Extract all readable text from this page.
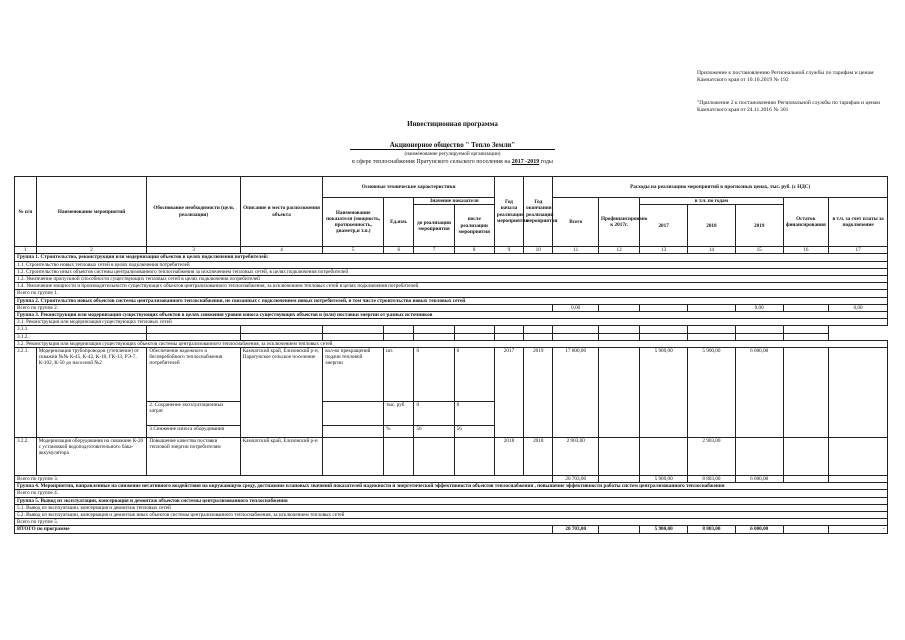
Приложение к постановлению Региональной службы по тарифам и ценам Камчатского края от 10.10.2019 № 192

"Приложение 2 к постановлению Региональной службы по тарифам и ценам Камчатского края от 24.11.2016 № 301

Инвестиционная программа
Акционерное общество " Тепло Земли"
(наименование регулируемой организации)
в сфере теплоснабжения Пратунского сельского поселения на 2017 -2019 годы
№ п/п	Наименование мероприятий	Обоснование необходимости (цель реализации)	Описание и место расположения объекта	Основные технические характеристики				Год начала реализации мероприятия	Год окончания реализации мероприятия	Расходы на реализацию мероприятий в прогнозных ценах, тыс. руб. (с НДС)						
				Наименование показателя (мощность, протяженность, диаметр,и т.п.)	Ед.изм.	Значение показателя				Всего	Профинансировано к 2017г.	в т.ч. по годам			Остаток финансирования	в т.ч. за счет платы за подключение
						до реализации мероприятия	после реализации мероприятия					2017	2018	2019		
1	2	3	4	5	6	7	8	9	10	11	12	13	14	15	16	17
Группа 1. Строительство, реконструкция или модернизация объектов в целях подключения потребителей:																
1.1. Строительство новых тепловых сетей в целях подключения потребителей																
1.2. Строительство иных объектов системы централизованного теплоснабжения за исключением тепловых сетей, в целях подключения потребителей																
1.3. Увеличение пропускной способности существующих тепловых сетей в целях подключения потребителей																
1.4. Увеличение мощности и производительности существующих объектов централизованного теплоснабжения, за исключением тепловых сетей в целях подключения потребителей																
Всего по группе 1.																
Группа 2. Строительство новых объектов системы централизованного теплоснабжения, не связанных с подключением новых потребителей, в том числе строительство новых тепловых сетей																
Всего по группе 2.										0,00				0,00		0,00
Группа 3. Реконструкция или модернизация существующих объектов в целях снижения уровня износа существующих объектов и (или) поставки энергии от разных источников																
3.1. Реконструкция или модернизация существующих тепловых сетей																
3.1.1.																
3.1.2.																
3.2. Реконструкция или модернизация существующих объектов системы централизованного теплоснабжения, за исключением тепловых сетей																
3.2.1.	Модернизация трубопроводов (утепление) от скважин №№ К-45, К-42, К-18, ГК-13, РЭ-7, К-102, К-50 до насосной №2	Обеспечение надежного и бесперебойного теплоснабжения потребителей	Камчатский край, Елизовский р-н, Паратунское сельское поселение	кол-во прекращений подачи тепловой энергии	шт.	0	0	2017	2019	17 800,00		5 900,00	5 900,00	6 000,00		
		2. Сохранение эксплуатационных затрат			тыс. руб	0	0									
		3.Снижение износа оборудования			%	56	56									
3.2.2.	Модернизация оборудования на скважине К-20 с установкой водоподготовительного бака-аккумулятора	Повышение качества поставки тепловой энергии потребителям	Камчатский край, Елизовский р-н					2018	2018	2 903,00			2 903,00			
Всего по группе 3.										20 703,00		5 900,00	8 803,00	6 000,00		
Группа 4. Мероприятия, направленные на снижение негативного воздействия на окружающую среду, достижение плановых значений показателей надежности и энергетической эффективности объектов теплоснабжения , повышение эффективности работы систем централизованного теплоснабжения																
Всего по группе 4.																
Группа 5. Вывод из эксплуатации, консервация и демонтаж объектов системы централизованного теплоснабжения																
5.1. Вывод из эксплуатации, консервация и демонтаж тепловых сетей																
5.2. Вывод из эксплуатации, консервация и демонтаж иных объектов системы централизованного теплоснабжения, за исключением тепловых сетей																
Всего по группе 5.																
ИТОГО по программе										20 703,00		5 900,00	8 803,00	6 000,00		-
